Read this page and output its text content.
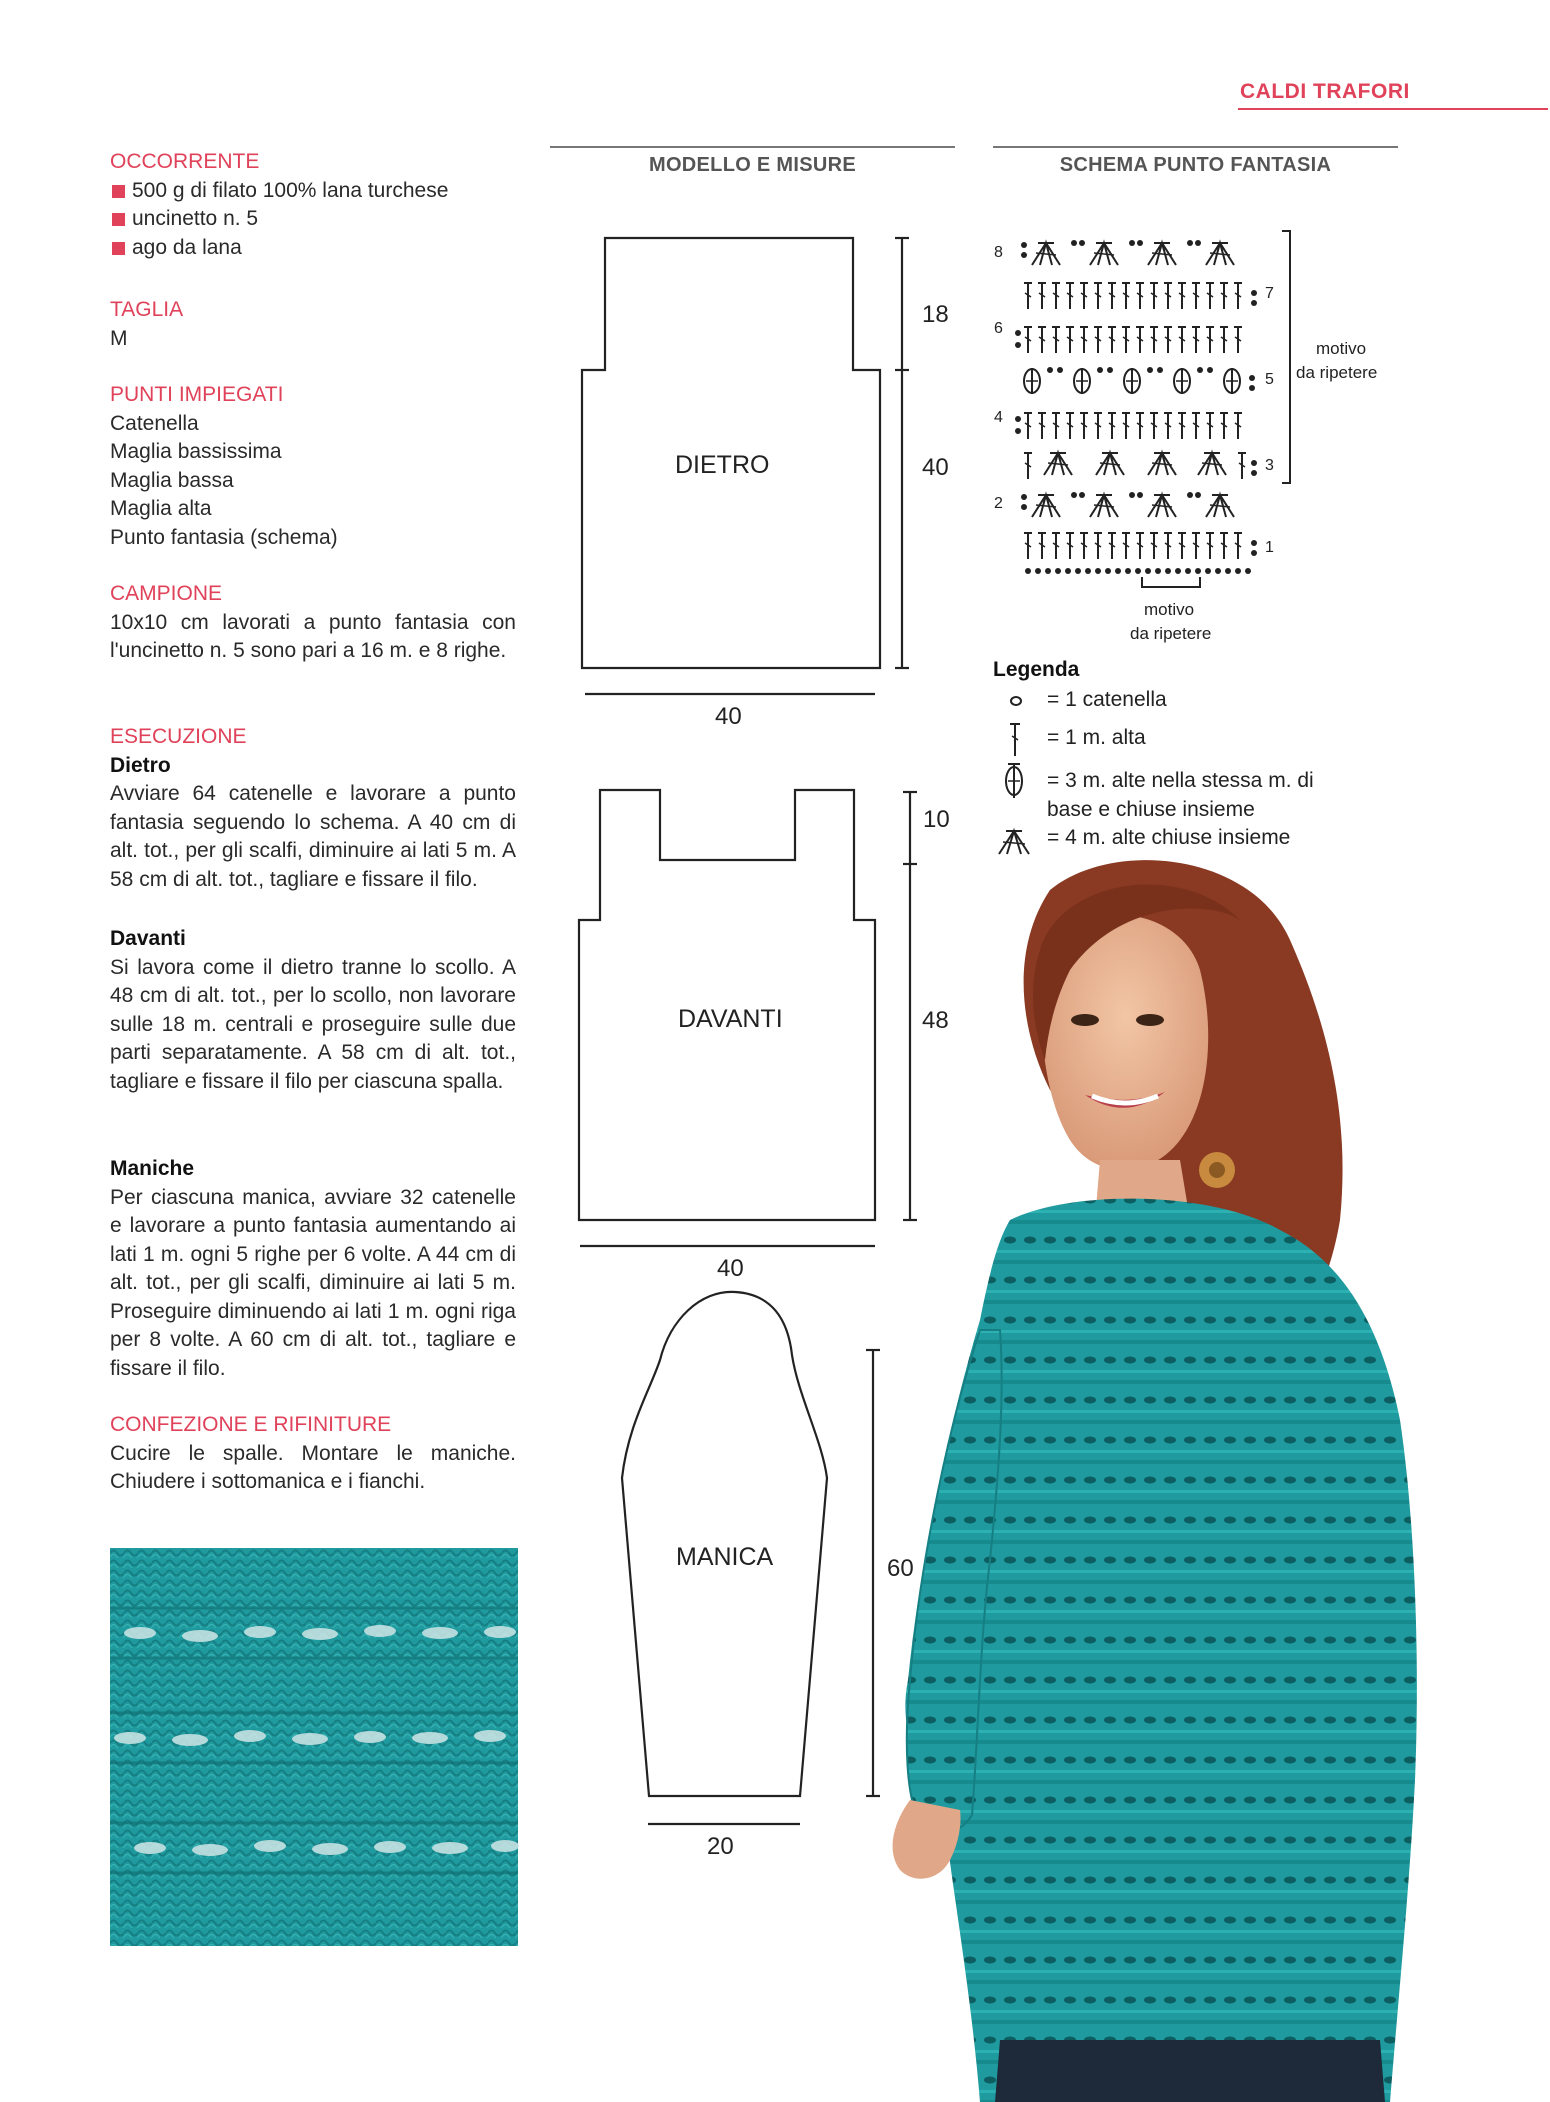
CALDI TRAFORI
OCCORRENTE
500 g di filato 100% lana turchese
uncinetto n. 5
ago da lana
TAGLIA
M
PUNTI IMPIEGATI
Catenella
Maglia bassissima
Maglia bassa
Maglia alta
Punto fantasia (schema)
CAMPIONE

10x10 cm lavorati a punto fantasia con l'uncinetto n. 5 sono pari a 16 m. e 8 righe.

ESECUZIONE
Dietro

Avviare 64 catenelle e lavorare a punto fantasia seguendo lo schema. A 40 cm di alt. tot., per gli scalfi, diminuire ai lati 5 m. A 58 cm di alt. tot., tagliare e fissare il filo.

Davanti

Si lavora come il dietro tranne lo scollo. A 48 cm di alt. tot., per lo scollo, non lavorare sulle 18 m. centrali e proseguire sulle due parti separatamente. A 58 cm di alt. tot., tagliare e fissare il filo per ciascuna spalla.

Maniche

Per ciascuna manica, avviare 32 catenelle e lavorare a punto fantasia aumentando ai lati 1 m. ogni 5 righe per 6 volte. A 44 cm di alt. tot., per gli scalfi, diminuire ai lati 5 m. Proseguire diminuendo ai lati 1 m. ogni riga per 8 volte. A 60 cm di alt. tot., tagliare e fissare il filo.

CONFEZIONE E RIFINITURE

Cucire le spalle. Montare le maniche. Chiudere i sottomanica e i fianchi.

MODELLO E MISURE
DIETRO
18
40
40
DAVANTI
10
48
40
MANICA	60
20
SCHEMA PUNTO FANTASIA
8
7
6
5
4
3
2
1
motivo
da ripetere
motivo
da ripetere
Legenda
= 1 catenella
= 1 m. alta
= 3 m. alte nella stessa m. di base e chiuse insieme
= 4 m. alte chiuse insieme
